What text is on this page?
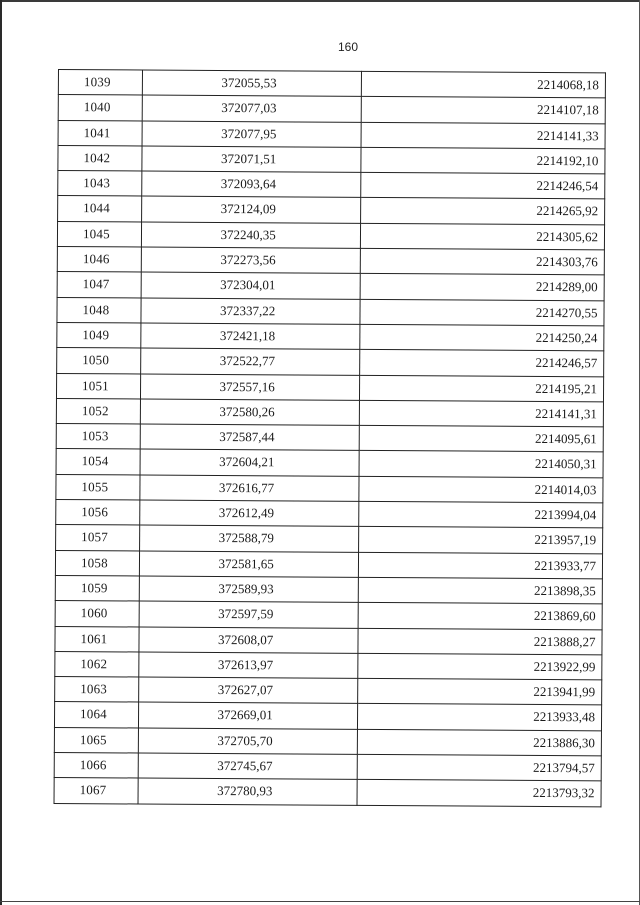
160
1039	372055,53	2214068,18
1040	372077,03	2214107,18
1041	372077,95	2214141,33
1042	372071,51	2214192,10
1043	372093,64	2214246,54
1044	372124,09	2214265,92
1045	372240,35	2214305,62
1046	372273,56	2214303,76
1047	372304,01	2214289,00
1048	372337,22	2214270,55
1049	372421,18	2214250,24
1050	372522,77	2214246,57
1051	372557,16	2214195,21
1052	372580,26	2214141,31
1053	372587,44	2214095,61
1054	372604,21	2214050,31
1055	372616,77	2214014,03
1056	372612,49	2213994,04
1057	372588,79	2213957,19
1058	372581,65	2213933,77
1059	372589,93	2213898,35
1060	372597,59	2213869,60
1061	372608,07	2213888,27
1062	372613,97	2213922,99
1063	372627,07	2213941,99
1064	372669,01	2213933,48
1065	372705,70	2213886,30
1066	372745,67	2213794,57
1067	372780,93	2213793,32
